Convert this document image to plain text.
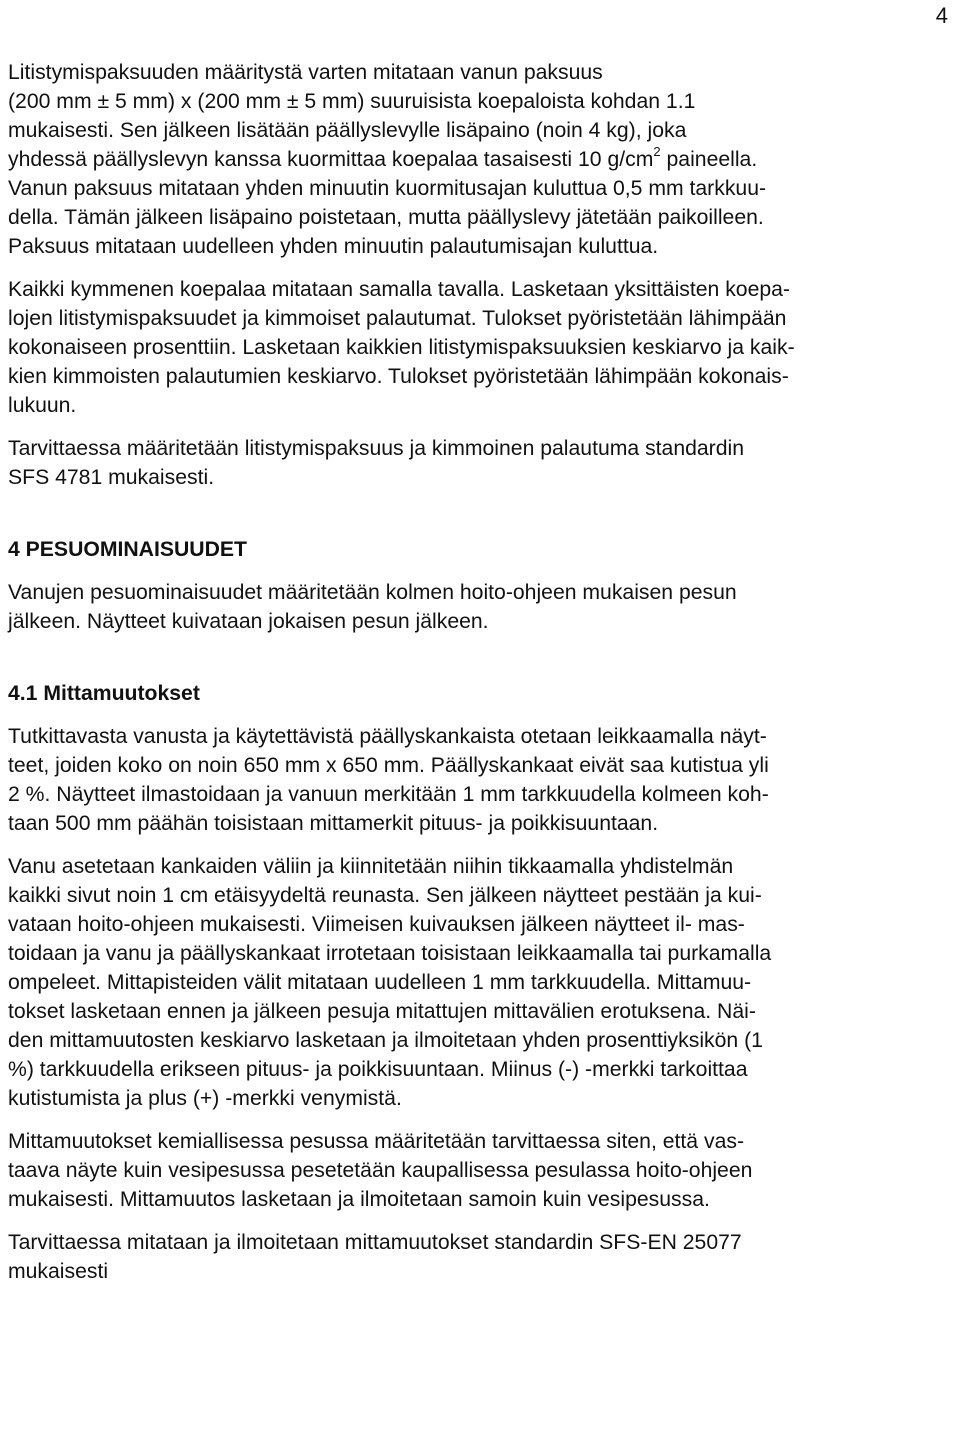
4
Litistymispaksuuden määritystä varten mitataan vanun paksuus
(200 mm ± 5 mm) x (200 mm ± 5 mm) suuruisista koepaloista kohdan 1.1
mukaisesti. Sen jälkeen lisätään päällyslevylle lisäpaino (noin 4 kg), joka
yhdessä päällyslevyn kanssa kuormittaa koepalaa tasaisesti 10 $g/cm^2$ paineella.
Vanun paksuus mitataan yhden minuutin kuormitusajan kuluttua 0,5 mm tarkkuu-
della. Tämän jälkeen lisäpaino poistetaan, mutta päällyslevy jätetään paikoilleen.
Paksuus mitataan uudelleen yhden minuutin palautumisajan kuluttua.
Kaikki kymmenen koepalaa mitataan samalla tavalla. Lasketaan yksittäisten koepa-
lojen litistymispaksuudet ja kimmoiset palautumat. Tulokset pyöristetään lähimpään
kokonaiseen prosenttiin. Lasketaan kaikkien litistymispaksuuksien keskiarvo ja kaik-
kien kimmoisten palautumien keskiarvo. Tulokset pyöristetään lähimpään kokonais-
lukuun.
Tarvittaessa määritetään litistymispaksuus ja kimmoinen palautuma standardin
SFS 4781 mukaisesti.
4 PESUOMINAISUUDET
Vanujen pesuominaisuudet määritetään kolmen hoito-ohjeen mukaisen pesun
jälkeen. Näytteet kuivataan jokaisen pesun jälkeen.
4.1 Mittamuutokset
Tutkittavasta vanusta ja käytettävistä päällyskankaista otetaan leikkaamalla näyt-
teet, joiden koko on noin 650 mm x 650 mm. Päällyskankaat eivät saa kutistua yli
2 %. Näytteet ilmastoidaan ja vanuun merkitään 1 mm tarkkuudella kolmeen koh-
taan 500 mm päähän toisistaan mittamerkit pituus- ja poikkisuuntaan.
Vanu asetetaan kankaiden väliin ja kiinnitetään niihin tikkaamalla yhdistelmän
kaikki sivut noin 1 cm etäisyydeltä reunasta. Sen jälkeen näytteet pestään ja kui-
vataan hoito-ohjeen mukaisesti. Viimeisen kuivauksen jälkeen näytteet il- mas-
toidaan ja vanu ja päällyskankaat irrotetaan toisistaan leikkaamalla tai purkamalla
ompeleet. Mittapisteiden välit mitataan uudelleen 1 mm tarkkuudella. Mittamuu-
tokset lasketaan ennen ja jälkeen pesuja mitattujen mittavälien erotuksena. Näi-
den mittamuutosten keskiarvo lasketaan ja ilmoitetaan yhden prosenttiyksikön (1
%) tarkkuudella erikseen pituus- ja poikkisuuntaan. Miinus (-) -merkki tarkoittaa
kutistumista ja plus (+) -merkki venymistä.
Mittamuutokset kemiallisessa pesussa määritetään tarvittaessa siten, että vas-
taava näyte kuin vesipesussa pesetetään kaupallisessa pesulassa hoito-ohjeen
mukaisesti. Mittamuutos lasketaan ja ilmoitetaan samoin kuin vesipesussa.
Tarvittaessa mitataan ja ilmoitetaan mittamuutokset standardin SFS-EN 25077
mukaisesti
